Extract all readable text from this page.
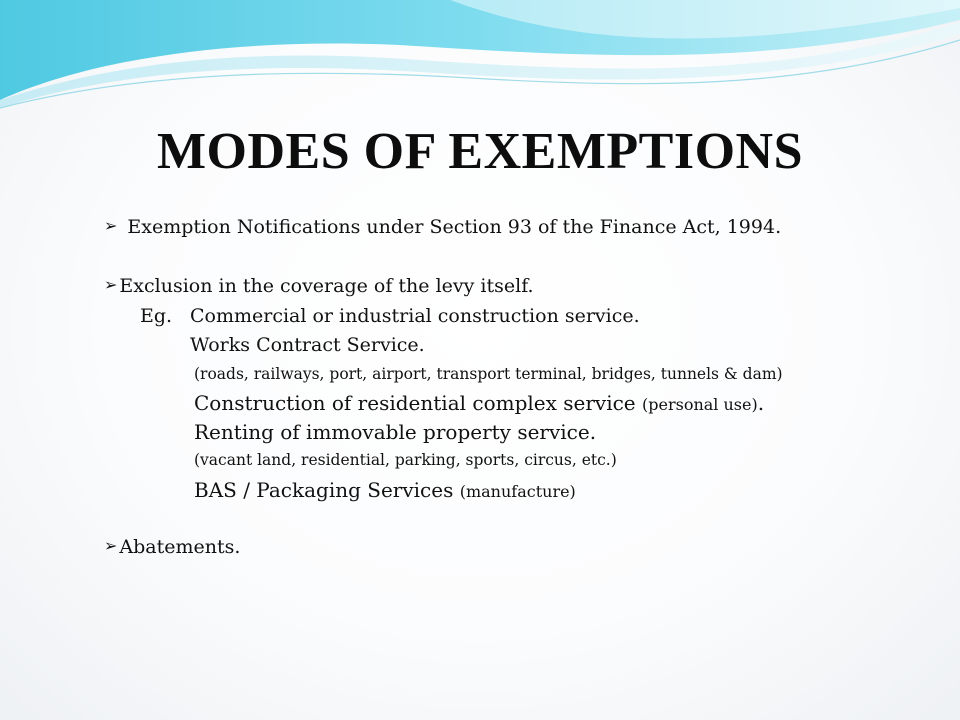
MODES OF EXEMPTIONS
➢ Exemption Notifications under Section 93 of the Finance Act, 1994.
➢ Exclusion in the coverage of the levy itself.
Eg. Commercial or industrial construction service.
Works Contract Service.
(roads, railways, port, airport, transport terminal, bridges, tunnels & dam)
Construction of residential complex service (personal use).
Renting of immovable property service.
(vacant land, residential, parking, sports, circus, etc.)
BAS / Packaging Services (manufacture)
➢ Abatements.
